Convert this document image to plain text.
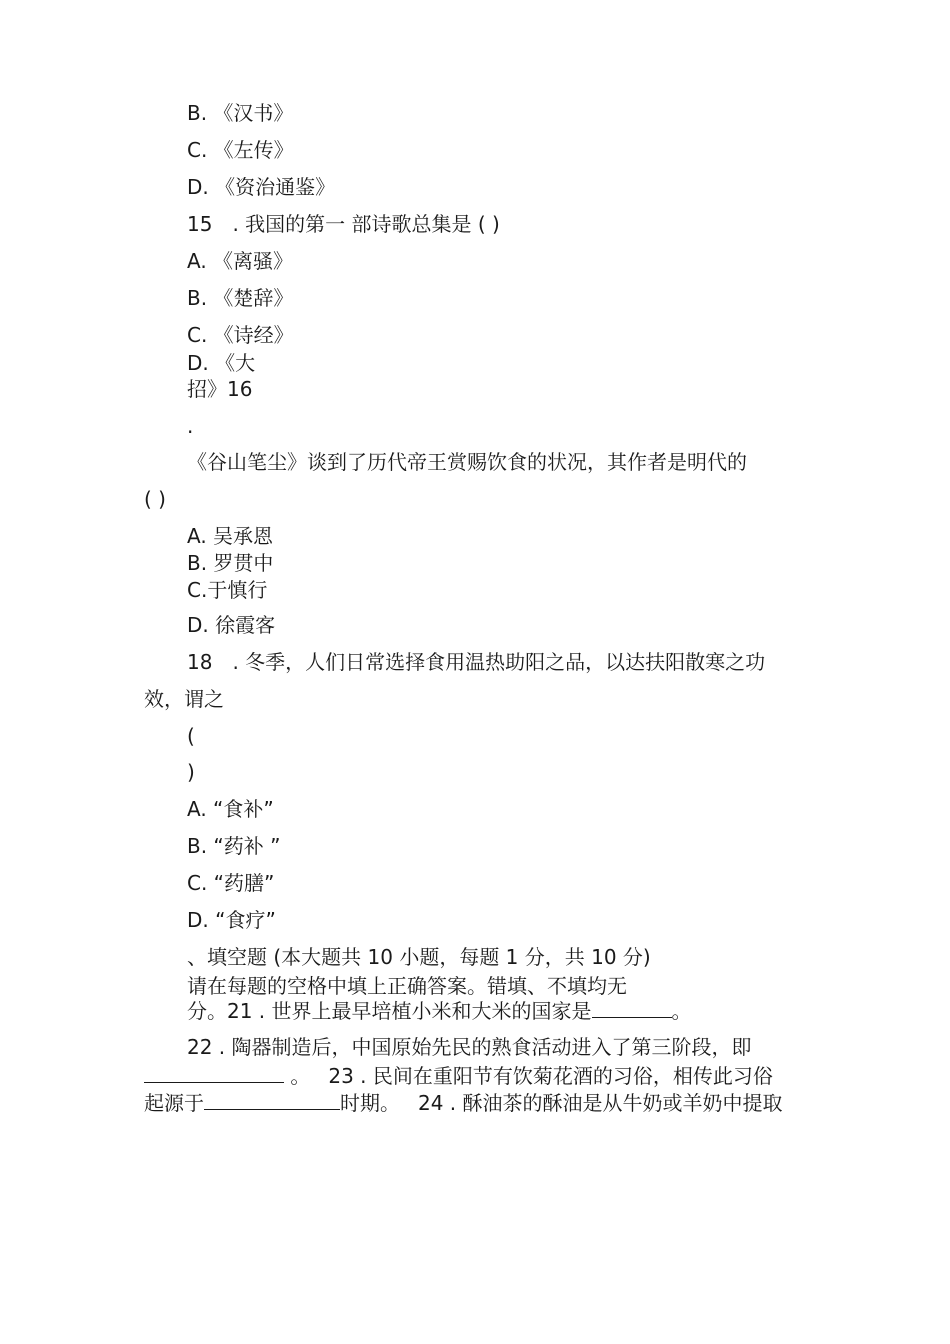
B. 《汉书》
C. 《左传》
D. 《资治通鉴》
15　. 我国的第一 部诗歌总集是 ( )
A. 《离骚》
B. 《楚辞》
C. 《诗经》
D. 《大
招》16
.
《谷山笔尘》谈到了历代帝王赏赐饮食的状况，其作者是明代的
( )
A. 吴承恩
B. 罗贯中
C.于慎行
D. 徐霞客
18　. 冬季，人们日常选择食用温热助阳之品，以达扶阳散寒之功
效，谓之
(
)
A. “食补”
B. “药补 ”
C. “药膳”
D. “食疗”
、填空题 (本大题共 10 小题，每题 1 分，共 10 分)
请在每题的空格中填上正确答案。错填、不填均无
分。21 . 世界上最早培植小米和大米的国家是	。
22 . 陶器制造后，中国原始先民的熟食活动进入了第三阶段，即
。 23 . 民间在重阳节有饮菊花酒的习俗，相传此习俗
起源于	时期。 24 . 酥油茶的酥油是从牛奶或羊奶中提取
